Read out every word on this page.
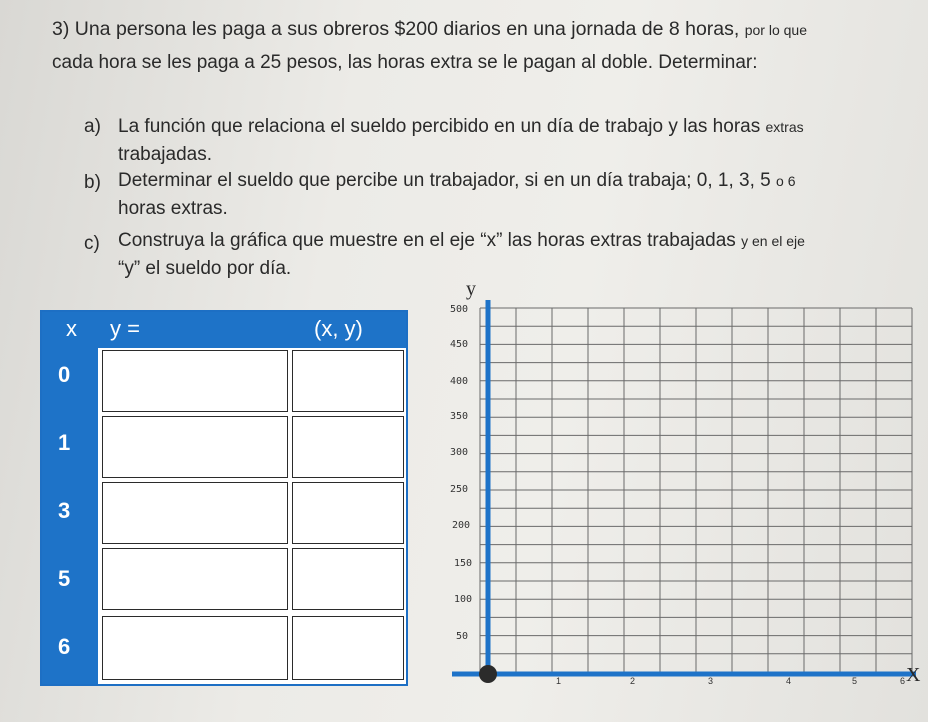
3) Una persona les paga a sus obreros $200 diarios en una jornada de 8 horas, por lo que
cada hora se les paga a 25 pesos, las horas extra se le pagan al doble. Determinar:
a) La función que relaciona el sueldo percibido en un día de trabajo y las horas extras
trabajadas.
b) Determinar el sueldo que percibe un trabajador, si en un día trabaja; 0, 1, 3, 5 o 6
horas extras.
c) Construya la gráfica que muestre en el eje “x” las horas extras trabajadas y en el eje
“y” el sueldo por día.
x y =	(x, y)
0
1
3
5
6
y
500
450
400
350
300
250
200
150
100
50
1	2	3	4	5	6 X
